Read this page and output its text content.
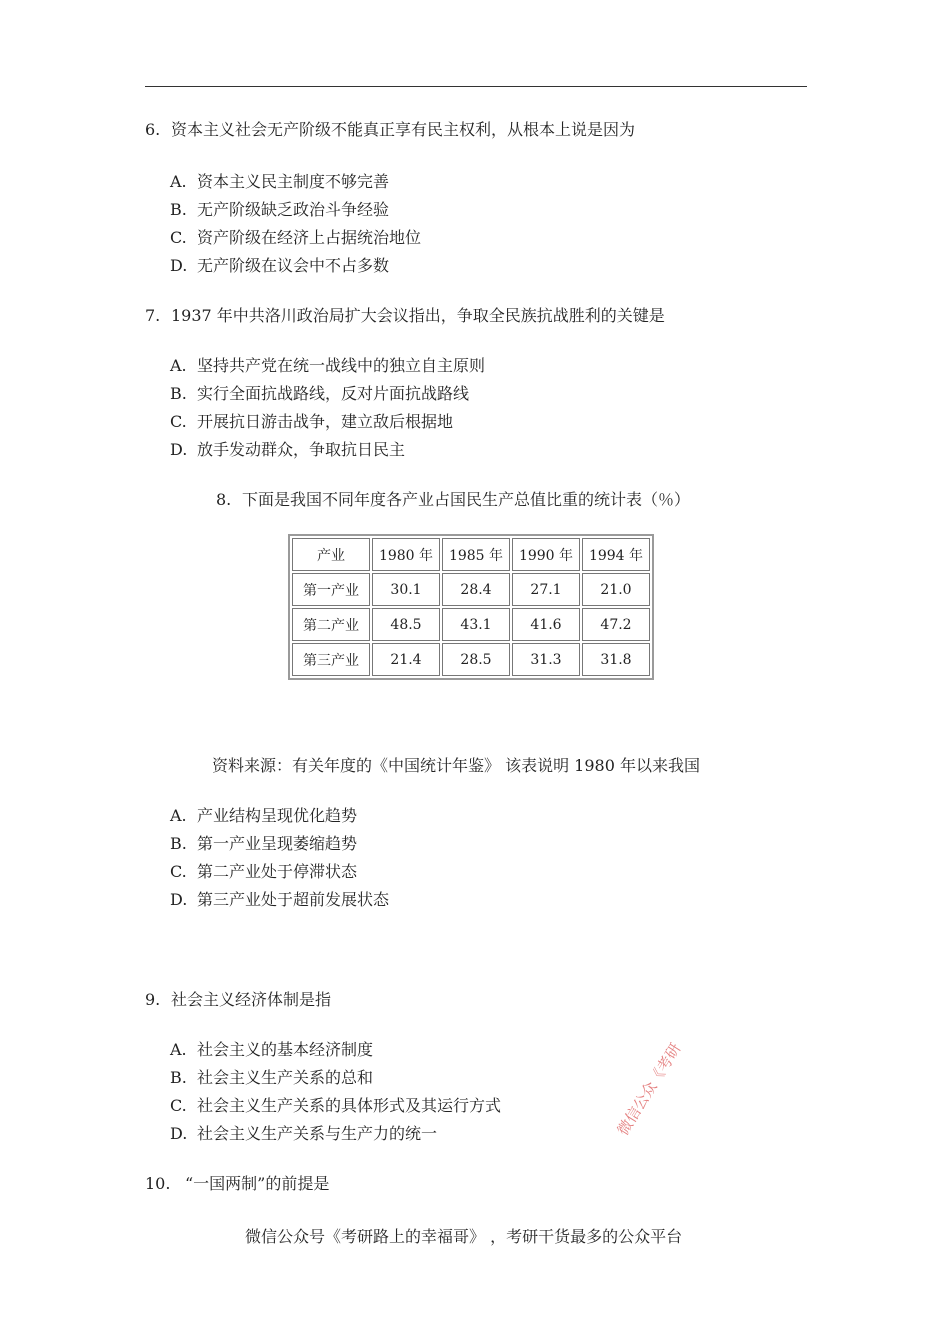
6. 资本主义社会无产阶级不能真正享有民主权利，从根本上说是因为
A. 资本主义民主制度不够完善
B. 无产阶级缺乏政治斗争经验
C. 资产阶级在经济上占据统治地位
D. 无产阶级在议会中不占多数
7. 1937 年中共洛川政治局扩大会议指出，争取全民族抗战胜利的关键是
A. 坚持共产党在统一战线中的独立自主原则
B. 实行全面抗战路线，反对片面抗战路线
C. 开展抗日游击战争，建立敌后根据地
D. 放手发动群众，争取抗日民主
8. 下面是我国不同年度各产业占国民生产总值比重的统计表（％）
产业	1980 年	1985 年	1990 年	1994 年
第一产业	30.1	28.4	27.1	21.0
第二产业	48.5	43.1	41.6	47.2
第三产业	21.4	28.5	31.3	31.8
资料来源：有关年度的《中国统计年鉴》 该表说明 1980 年以来我国
A. 产业结构呈现优化趋势
B. 第一产业呈现萎缩趋势
C. 第二产业处于停滞状态
D. 第三产业处于超前发展状态
9. 社会主义经济体制是指
A. 社会主义的基本经济制度
B. 社会主义生产关系的总和
C. 社会主义生产关系的具体形式及其运行方式
D. 社会主义生产关系与生产力的统一
10. “一国两制”的前提是
微信公众《考研
微信公众号《考研路上的幸福哥》 ，考研干货最多的公众平台
